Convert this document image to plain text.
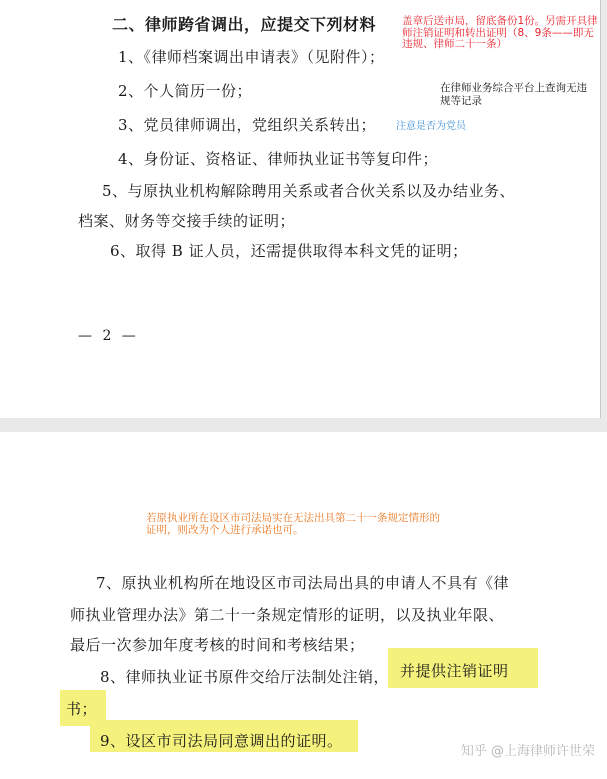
二、律师跨省调出，应提交下列材料
1、《律师档案调出申请表》（见附件）；
2、个人简历一份；
3、党员律师调出，党组织关系转出；
4、身份证、资格证、律师执业证书等复印件；
5、与原执业机构解除聘用关系或者合伙关系以及办结业务、
档案、财务等交接手续的证明；
6、取得 B 证人员，还需提供取得本科文凭的证明；
— 2 —
盖章后送市局，留底备份1份。另需开具律师注销证明和转出证明（8、9条——即无违规、律师二十一条）
在律师业务综合平台上查询无违规等记录
注意是否为党员
若原执业所在设区市司法局实在无法出具第二十一条规定情形的证明，则改为个人进行承诺也可。
7、原执业机构所在地设区市司法局出具的申请人不具有《律
师执业管理办法》第二十一条规定情形的证明，以及执业年限、
最后一次参加年度考核的时间和考核结果；
8、律师执业证书原件交给厅法制处注销， 并提供注销证明
书；
9、设区市司法局同意调出的证明。
知乎 @上海律师许世荣
